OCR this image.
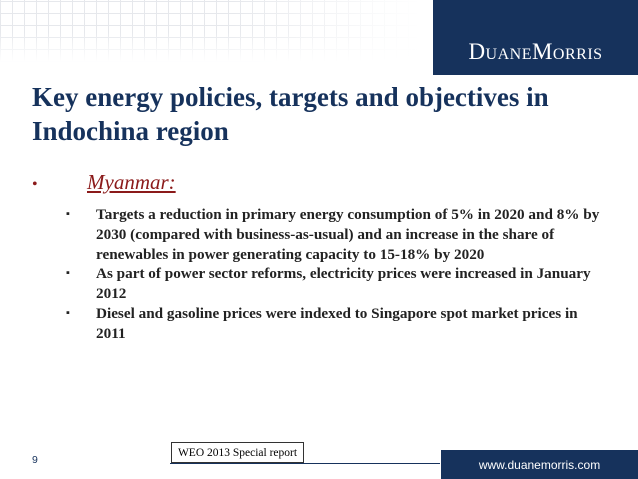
DuaneMorris
Key energy policies, targets and objectives in Indochina region
•	Myanmar:
▪	Targets a reduction in primary energy consumption of 5% in 2020 and 8% by 2030 (compared with business-as-usual) and an increase in the share of renewables in power generating capacity to 15-18% by 2020
▪	As part of power sector reforms, electricity prices were increased in January 2012
▪	Diesel and gasoline prices were indexed to Singapore spot market prices in 2011
WEO 2013 Special report
9	www.duanemorris.com
